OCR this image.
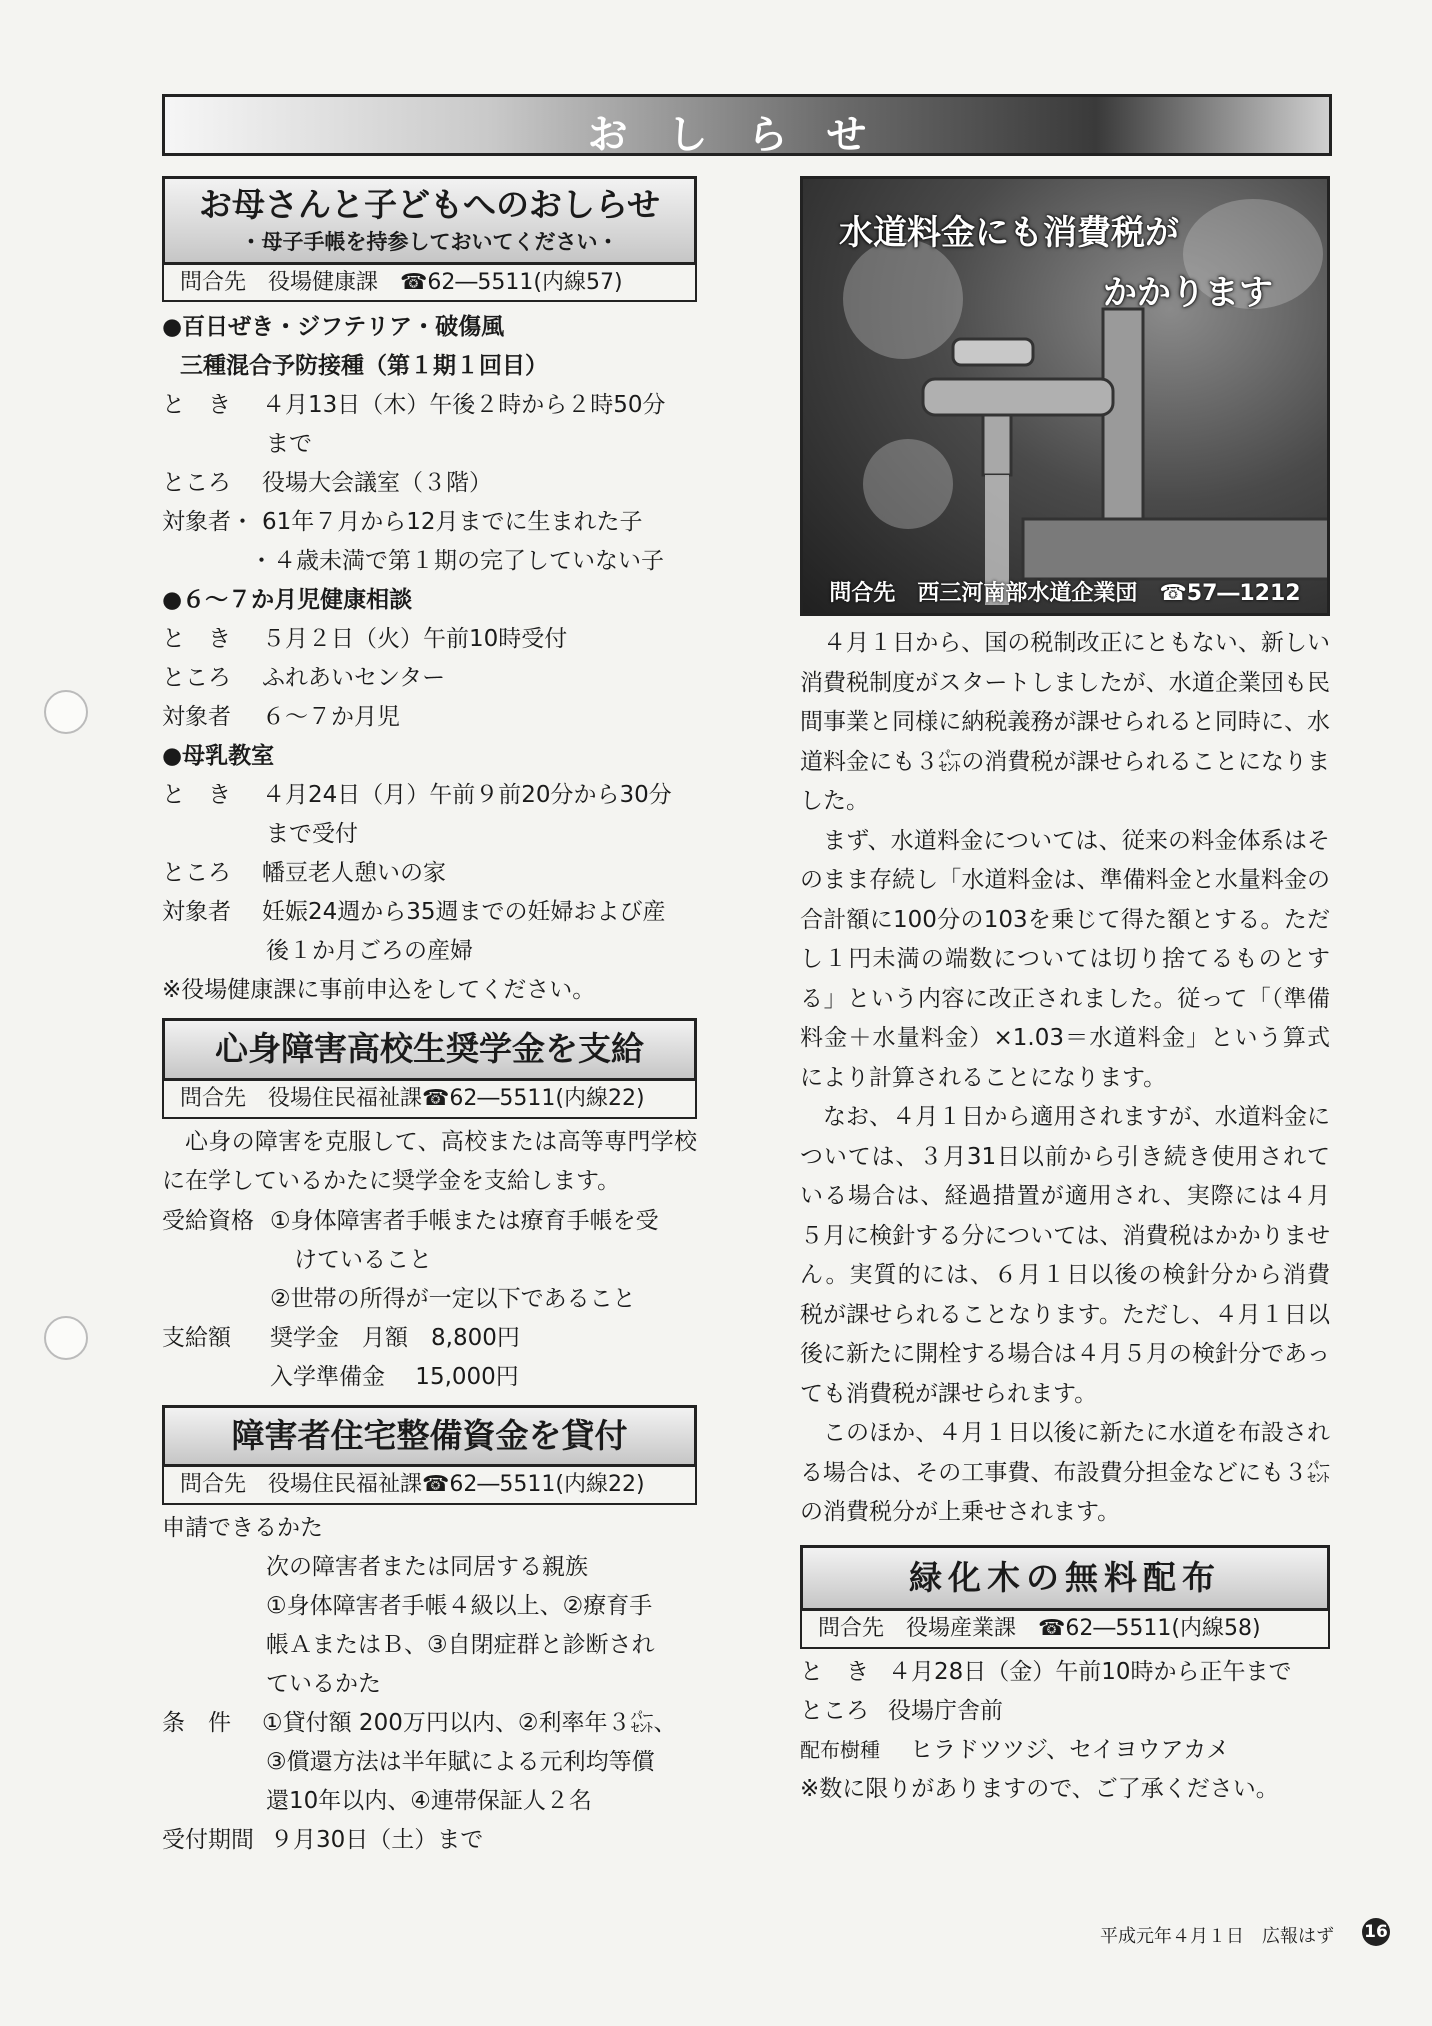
おしらせ
お母さんと子どもへのおしらせ
・母子手帳を持参しておいてください・
問合先　役場健康課　☎62―5511(内線57)
●百日ぜき・ジフテリア・破傷風
三種混合予防接種（第１期１回目）
と　き	４月13日（木）午後２時から２時50分
まで
ところ	役場大会議室（３階）
対象者・ 61年７月から12月までに生まれた子
・４歳未満で第１期の完了していない子
●６～７か月児健康相談
と　き	５月２日（火）午前10時受付
ところ	ふれあいセンター
対象者	６～７か月児
●母乳教室
と　き	４月24日（月）午前９前20分から30分
まで受付
ところ	幡豆老人憩いの家
対象者	妊娠24週から35週までの妊婦および産
後１か月ごろの産婦
※役場健康課に事前申込をしてください。
心身障害高校生奨学金を支給
問合先　役場住民福祉課☎62―5511(内線22)
心身の障害を克服して、高校または高等専門学校に在学しているかたに奨学金を支給します。
受給資格 ①身体障害者手帳または療育手帳を受
けていること
②世帯の所得が一定以下であること
支給額	奨学金　月額　8,800円
入学準備金　 15,000円
障害者住宅整備資金を貸付
問合先　役場住民福祉課☎62―5511(内線22)
申請できるかた
次の障害者または同居する親族
①身体障害者手帳４級以上、②療育手
帳ＡまたはＢ、③自閉症群と診断され
ているかた
条　件	①貸付額 200万円以内、②利率年３㌫、
③償還方法は半年賦による元利均等償
還10年以内、④連帯保証人２名
受付期間 ９月30日（土）まで
水道料金にも消費税が
かかります
問合先　西三河南部水道企業団　☎57―1212
４月１日から、国の税制改正にともない、新しい消費税制度がスタートしましたが、水道企業団も民間事業と同様に納税義務が課せられると同時に、水道料金にも３㌫の消費税が課せられることになりました。
まず、水道料金については、従来の料金体系はそのまま存続し「水道料金は、準備料金と水量料金の合計額に100分の103を乗じて得た額とする。ただし１円未満の端数については切り捨てるものとする」という内容に改正されました。従って「（準備料金＋水量料金）×1.03＝水道料金」という算式により計算されることになります。
なお、４月１日から適用されますが、水道料金については、３月31日以前から引き続き使用されている場合は、経過措置が適用され、実際には４月５月に検針する分については、消費税はかかりません。実質的には、６月１日以後の検針分から消費税が課せられることなります。ただし、４月１日以後に新たに開栓する場合は４月５月の検針分であっても消費税が課せられます。
このほか、４月１日以後に新たに水道を布設される場合は、その工事費、布設費分担金などにも３㌫の消費税分が上乗せされます。
緑化木の無料配布
問合先　役場産業課　☎62―5511(内線58)
と　き ４月28日（金）午前10時から正午まで
ところ 役場庁舎前
配布樹種	ヒラドツツジ、セイヨウアカメ
※数に限りがありますので、ご了承ください。
平成元年４月１日　広報はず 16
